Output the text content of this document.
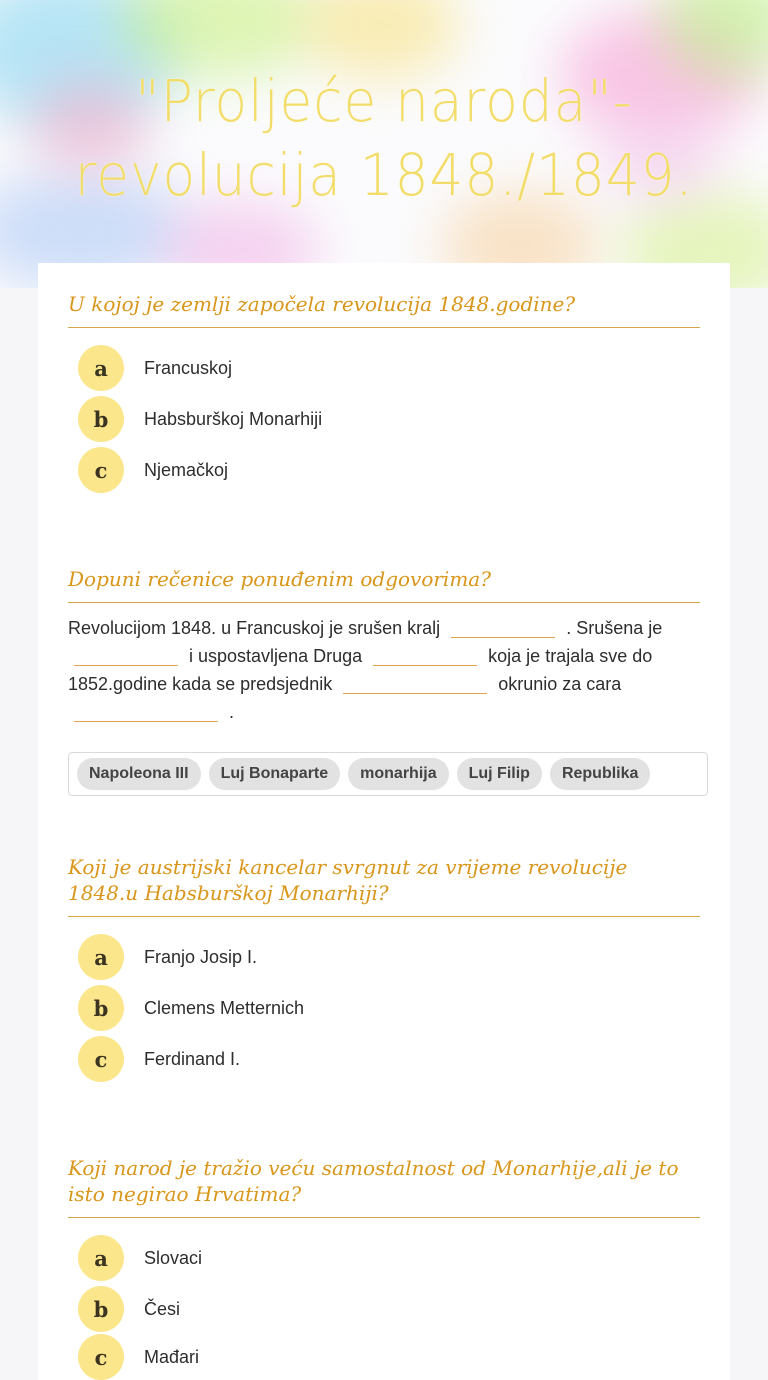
"Proljeće naroda"-
revolucija 1848./1849.
U kojoj je zemlji započela revolucija 1848.godine?
a	Francuskoj
b	Habsburškoj Monarhiji
c	Njemačkoj
Dopuni rečenice ponuđenim odgovorima?
Revolucijom 1848. u Francuskoj je srušen kralj	. Srušena je  i uspostavljena Druga	koja je trajala sve do 1852.godine kada se predsjednik	okrunio za cara  .
Napoleona III	Luj Bonaparte	monarhija	Luj Filip	Republika
Koji je austrijski kancelar svrgnut za vrijeme revolucije 1848.u Habsburškoj Monarhiji?
a	Franjo Josip I.
b	Clemens Metternich
c	Ferdinand I.
Koji narod je tražio veću samostalnost od Monarhije,ali je to isto negirao Hrvatima?
a	Slovaci
b	Česi
c	Mađari
